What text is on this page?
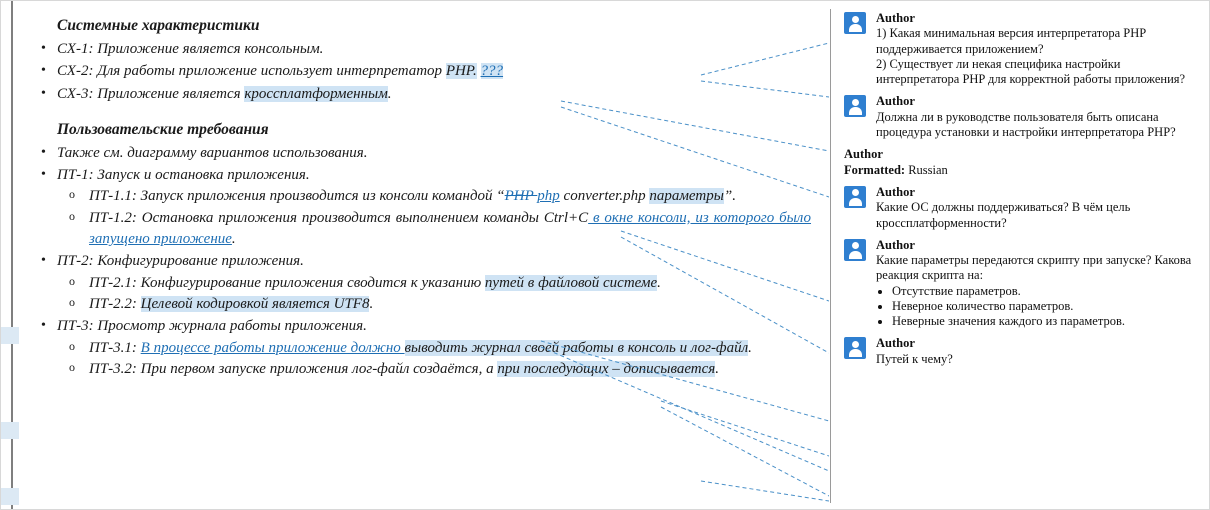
Системные характеристики
• СХ-1: Приложение является консольным.
• СХ-2: Для работы приложение использует интерпретатор PHP. ???
• СХ-3: Приложение является кроссплатформенным.
Пользовательские требования
• Также см. диаграмму вариантов использования.
• ПТ-1: Запуск и остановка приложения.
o ПТ-1.1: Запуск приложения производится из консоли командой “PHP php converter.php параметры”.
o ПТ-1.2: Остановка приложения производится выполнением команды Ctrl+C в окне консоли, из которого было запущено приложение.
• ПТ-2: Конфигурирование приложения.
o ПТ-2.1: Конфигурирование приложения сводится к указанию путей в файловой системе.
o ПТ-2.2: Целевой кодировкой является UTF8.
• ПТ-3: Просмотр журнала работы приложения.
o ПТ-3.1: В процессе работы приложение должно выводить журнал своей работы в консоль и лог-файл.
o ПТ-3.2: При первом запуске приложения лог-файл создаётся, а при последующих – дописывается.
Author
1) Какая минимальная версия интерпретатора PHP поддерживается приложением?
2) Существует ли некая специфика настройки интерпретатора PHP для корректной работы приложения?
Author
Должна ли в руководстве пользователя быть описана процедура установки и настройки интерпретатора PHP?
Author
Formatted: Russian
Author
Какие ОС должны поддерживаться? В чём цель кроссплатформенности?
Author
Какие параметры передаются скрипту при запуске? Какова реакция скрипта на:
• Отсутствие параметров.
• Неверное количество параметров.
• Неверные значения каждого из параметров.
Author
Путей к чему?
